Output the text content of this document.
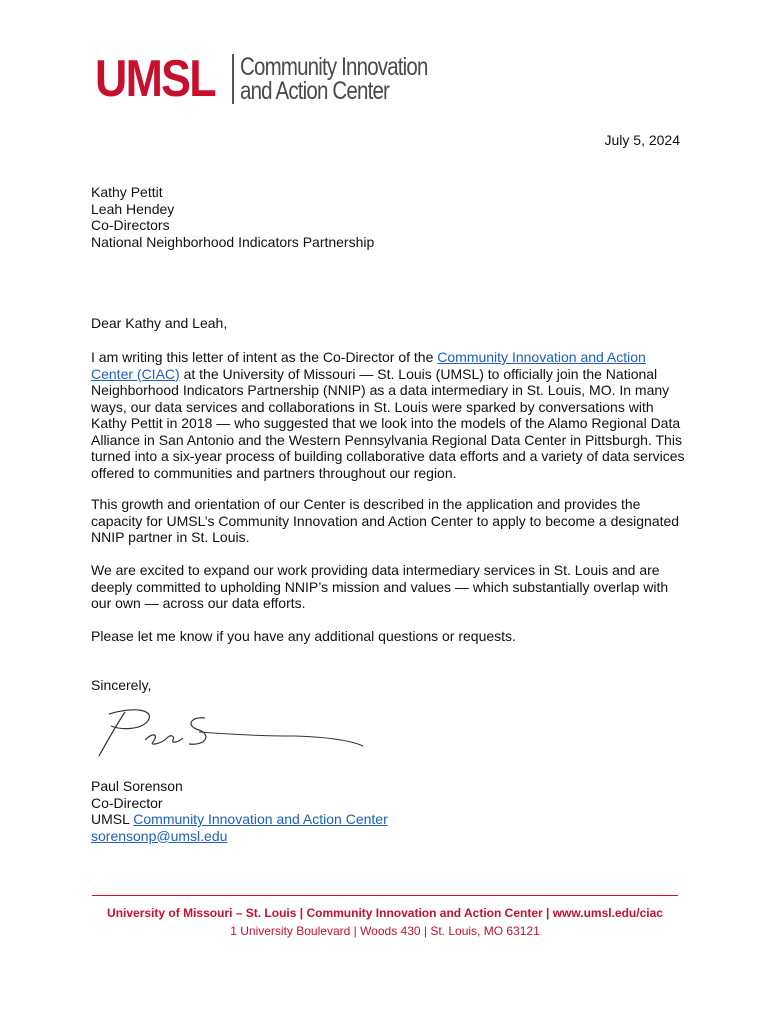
UMSL Community Innovation
and Action Center
July 5, 2024
Kathy Pettit
Leah Hendey
Co-Directors
National Neighborhood Indicators Partnership
Dear Kathy and Leah,
I am writing this letter of intent as the Co-Director of the Community Innovation and Action Center (CIAC) at the University of Missouri — St. Louis (UMSL) to officially join the National Neighborhood Indicators Partnership (NNIP) as a data intermediary in St. Louis, MO. In many ways, our data services and collaborations in St. Louis were sparked by conversations with Kathy Pettit in 2018 — who suggested that we look into the models of the Alamo Regional Data Alliance in San Antonio and the Western Pennsylvania Regional Data Center in Pittsburgh. This turned into a six-year process of building collaborative data efforts and a variety of data services offered to communities and partners throughout our region.
This growth and orientation of our Center is described in the application and provides the capacity for UMSL’s Community Innovation and Action Center to apply to become a designated NNIP partner in St. Louis.
We are excited to expand our work providing data intermediary services in St. Louis and are deeply committed to upholding NNIP’s mission and values — which substantially overlap with our own — across our data efforts.
Please let me know if you have any additional questions or requests.
Sincerely,
Paul Sorenson
Co-Director
UMSL Community Innovation and Action Center
sorensonp@umsl.edu
University of Missouri – St. Louis | Community Innovation and Action Center | www.umsl.edu/ciac
1 University Boulevard | Woods 430 | St. Louis, MO 63121
